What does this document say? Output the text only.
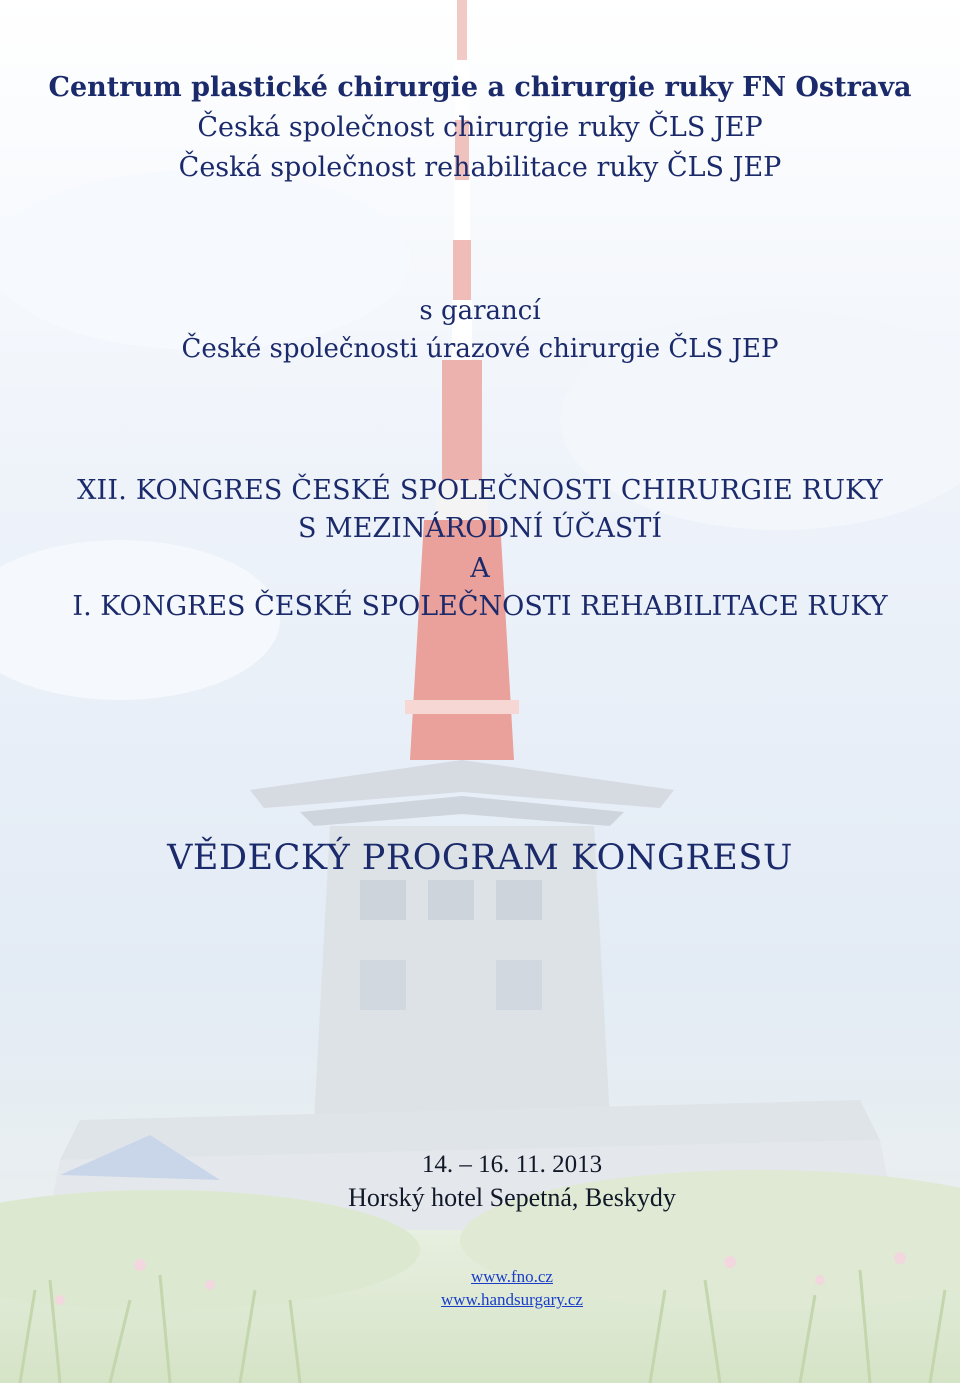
Centrum plastické chirurgie a chirurgie ruky FN Ostrava
Česká společnost chirurgie ruky ČLS JEP
Česká společnost rehabilitace ruky ČLS JEP
s garancí
České společnosti úrazové chirurgie ČLS JEP
XII. KONGRES ČESKÉ SPOLEČNOSTI CHIRURGIE RUKY
S MEZINÁRODNÍ ÚČASTÍ
A
I. KONGRES ČESKÉ SPOLEČNOSTI REHABILITACE RUKY
VĚDECKÝ PROGRAM KONGRESU
14. – 16. 11. 2013
Horský hotel Sepetná, Beskydy
www.fno.cz
www.handsurgary.cz
